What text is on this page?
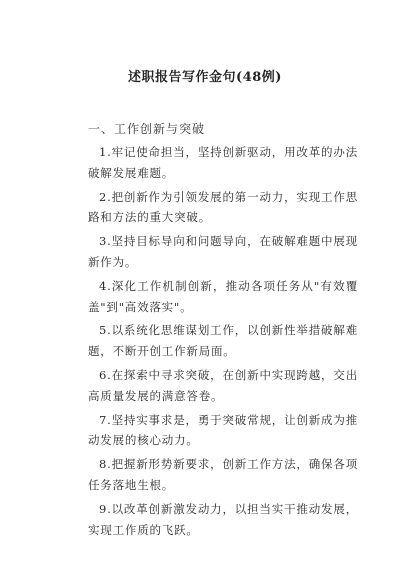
述职报告写作金句(48例)
一、工作创新与突破

1.牢记使命担当，坚持创新驱动，用改革的办法破解发展难题。

2.把创新作为引领发展的第一动力，实现工作思路和方法的重大突破。

3.坚持目标导向和问题导向，在破解难题中展现新作为。

4.深化工作机制创新，推动各项任务从"有效覆盖"到"高效落实"。

5.以系统化思维谋划工作，以创新性举措破解难题，不断开创工作新局面。

6.在探索中寻求突破，在创新中实现跨越，交出高质量发展的满意答卷。

7.坚持实事求是，勇于突破常规，让创新成为推动发展的核心动力。

8.把握新形势新要求，创新工作方法，确保各项任务落地生根。

9.以改革创新激发动力，以担当实干推动发展，实现工作质的飞跃。
